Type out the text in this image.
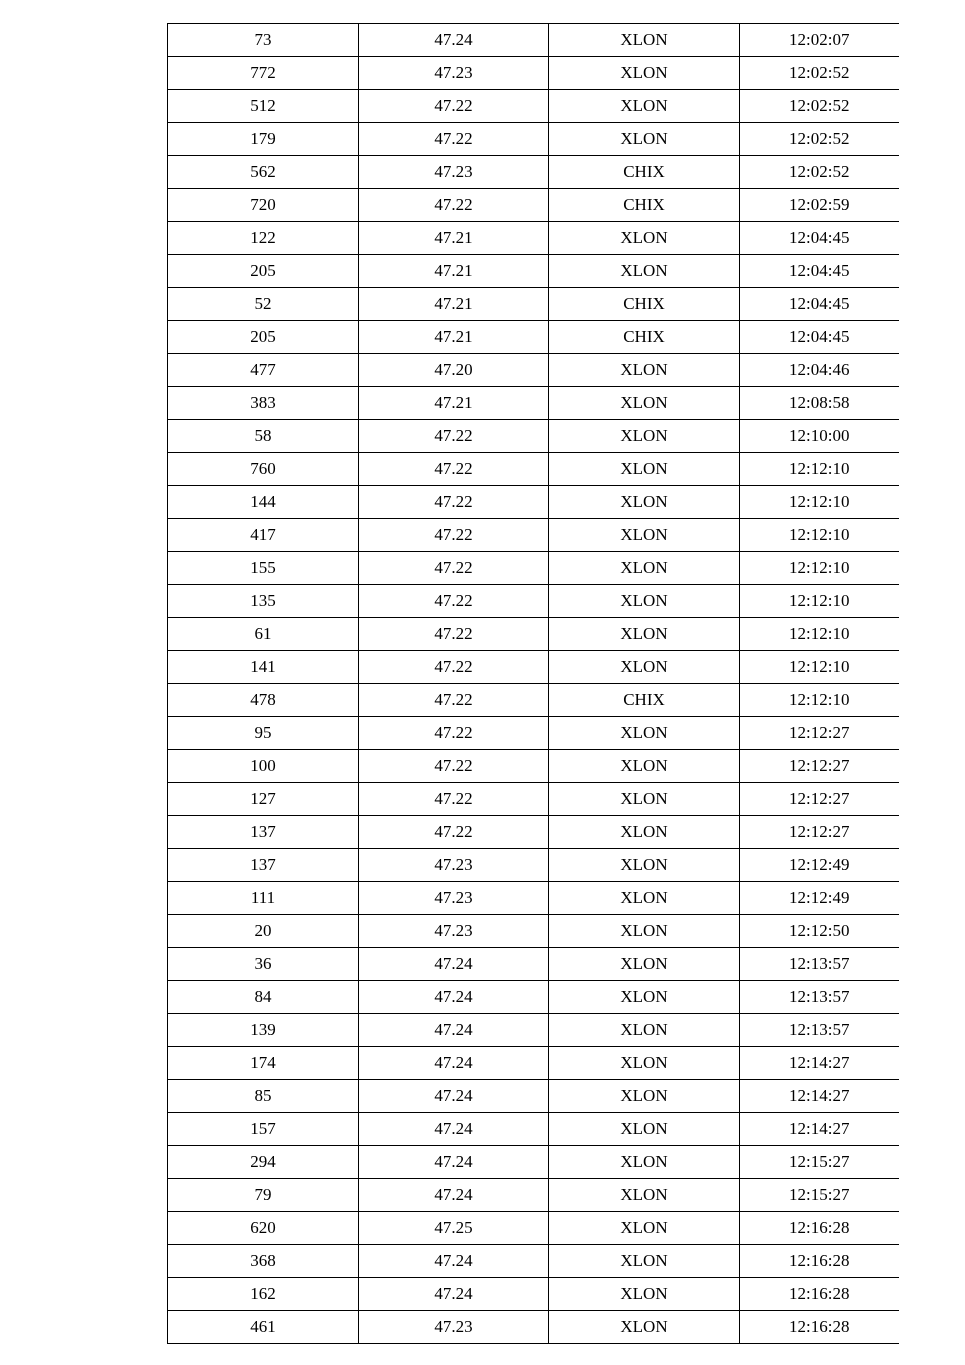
73	47.24	XLON	12:02:07
772	47.23	XLON	12:02:52
512	47.22	XLON	12:02:52
179	47.22	XLON	12:02:52
562	47.23	CHIX	12:02:52
720	47.22	CHIX	12:02:59
122	47.21	XLON	12:04:45
205	47.21	XLON	12:04:45
52	47.21	CHIX	12:04:45
205	47.21	CHIX	12:04:45
477	47.20	XLON	12:04:46
383	47.21	XLON	12:08:58
58	47.22	XLON	12:10:00
760	47.22	XLON	12:12:10
144	47.22	XLON	12:12:10
417	47.22	XLON	12:12:10
155	47.22	XLON	12:12:10
135	47.22	XLON	12:12:10
61	47.22	XLON	12:12:10
141	47.22	XLON	12:12:10
478	47.22	CHIX	12:12:10
95	47.22	XLON	12:12:27
100	47.22	XLON	12:12:27
127	47.22	XLON	12:12:27
137	47.22	XLON	12:12:27
137	47.23	XLON	12:12:49
111	47.23	XLON	12:12:49
20	47.23	XLON	12:12:50
36	47.24	XLON	12:13:57
84	47.24	XLON	12:13:57
139	47.24	XLON	12:13:57
174	47.24	XLON	12:14:27
85	47.24	XLON	12:14:27
157	47.24	XLON	12:14:27
294	47.24	XLON	12:15:27
79	47.24	XLON	12:15:27
620	47.25	XLON	12:16:28
368	47.24	XLON	12:16:28
162	47.24	XLON	12:16:28
461	47.23	XLON	12:16:28
